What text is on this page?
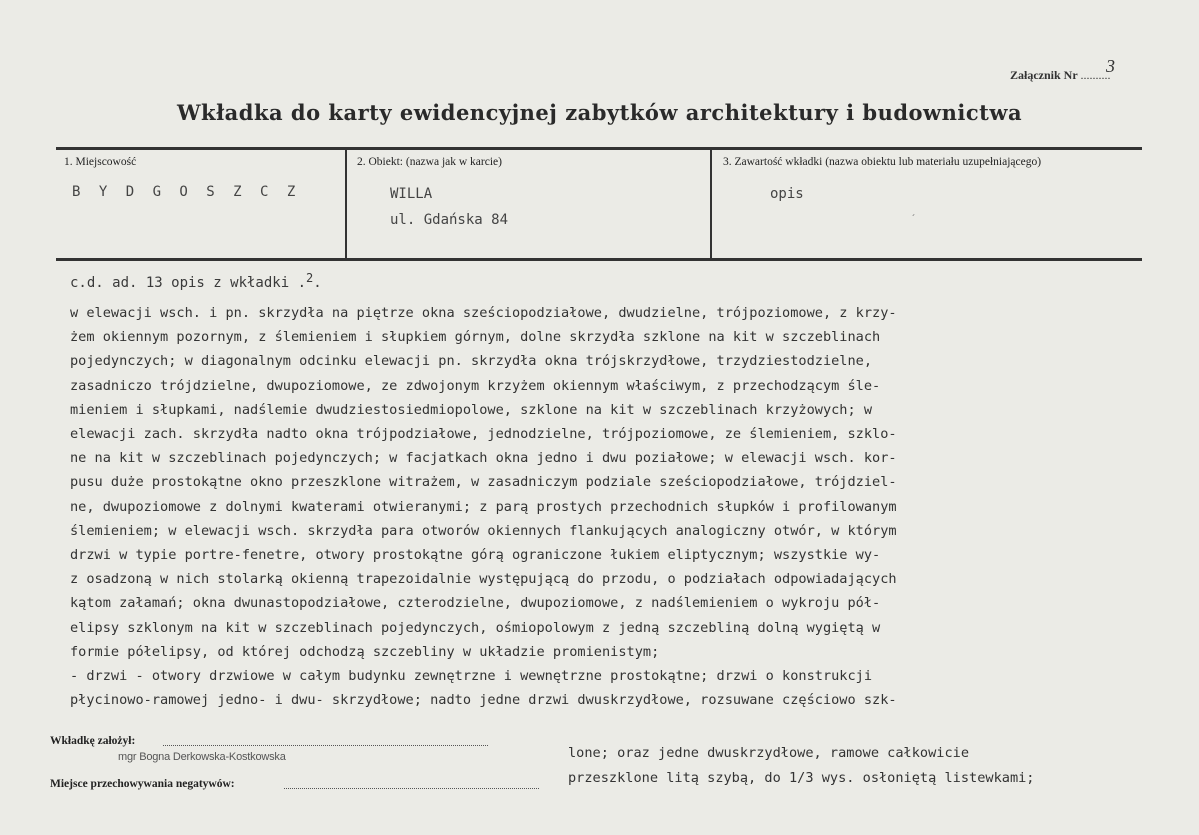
Załącznik Nr ..........
3
Wkładka do karty ewidencyjnej zabytków architektury i budownictwa
1. Miejscowość
B Y D G O S Z C Z
2. Obiekt: (nazwa jak w karcie)
WILLA
ul. Gdańska 84
3. Zawartość wkładki (nazwa obiektu lub materiału uzupełniającego)
opis
´
c.d. ad. 13 opis z wkładki .2.
w elewacji wsch. i pn. skrzydła na piętrze okna sześciopodziałowe, dwudzielne, trójpoziomowe, z krzy-
żem okiennym pozornym, z ślemieniem i słupkiem górnym, dolne skrzydła szklone na kit w szczeblinach
pojedynczych; w diagonalnym odcinku elewacji pn. skrzydła okna trójskrzydłowe, trzydziestodzielne,
zasadniczo trójdzielne, dwupoziomowe, ze zdwojonym krzyżem okiennym właściwym, z przechodzącym ślе-
mieniem i słupkami, nadślemie dwudziestosiedmiopolowe, szklone na kit w szczeblinach krzyżowych; w
elewacji zach. skrzydła nadto okna trójpodziałowe, jednodzielne, trójpoziomowe, ze ślemieniem, szklo-
ne na kit w szczeblinach pojedynczych; w facjatkach okna jedno i dwu poziałowe; w elewacji wsch. kor-
pusu duże prostokątne okno przeszklone witrażem, w zasadniczym podziale sześciopodziałowe, trójdziel-
ne, dwupoziomowe z dolnymi kwaterami otwieranymi; z parą prostych przechodnich słupków i profilowanym
ślemieniem; w elewacji wsch. skrzydła para otworów okiennych flankujących analogiczny otwór, w którym
drzwi w typie portre-fenetre, otwory prostokątne górą ograniczone łukiem eliptycznym; wszystkie wy-
z osadzoną w nich stolarką okienną trapezoidalnie występującą do przodu, o podziałach odpowiadających
kątom załamań; okna dwunastopodziałowe, czterodzielne, dwupoziomowe, z nadślemieniem o wykroju pół-
elipsy szklonym na kit w szczeblinach pojedynczych, ośmiopolowym z jedną szczebliną dolną wygiętą w
formie półelipsy, od której odchodzą szczebliny w układzie promienistym;
- drzwi - otwory drzwiowe w całym budynku zewnętrzne i wewnętrzne prostokątne; drzwi o konstrukcji
płycinowo-ramowej jedno- i dwu- skrzydłowe; nadto jedne drzwi dwuskrzydłowe, rozsuwane częściowo szk-
Wkładkę założył:
mgr Bogna Derkowska-Kostkowska
Miejsce przechowywania negatywów:
lone; oraz jedne dwuskrzydłowe, ramowe całkowicie
przeszklone litą szybą, do 1/3 wys. osłoniętą listewkami;
